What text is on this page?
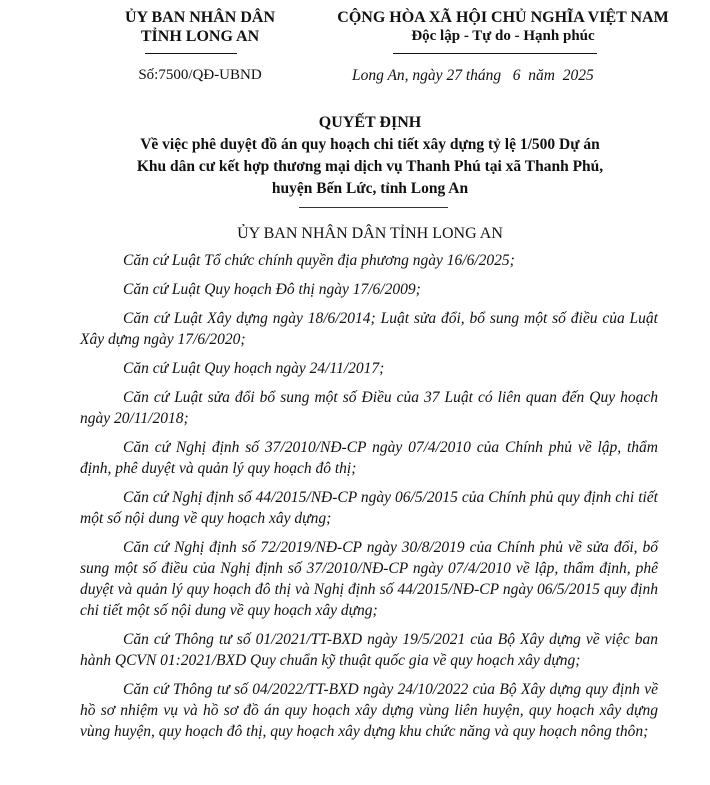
ỦY BAN NHÂN DÂN
TỈNH LONG AN
Số:7500/QĐ-UBND
CỘNG HÒA XÃ HỘI CHỦ NGHĨA VIỆT NAM
Độc lập - Tự do - Hạnh phúc
Long An, ngày 27 tháng   6  năm  2025
QUYẾT ĐỊNH
Về việc phê duyệt đồ án quy hoạch chi tiết xây dựng tỷ lệ 1/500 Dự án
Khu dân cư kết hợp thương mại dịch vụ Thanh Phú tại xã Thanh Phú,
huyện Bến Lức, tỉnh Long An
ỦY BAN NHÂN DÂN TỈNH LONG AN

Căn cứ Luật Tổ chức chính quyền địa phương ngày 16/6/2025;

Căn cứ Luật Quy hoạch Đô thị ngày 17/6/2009;

Căn cứ Luật Xây dựng ngày 18/6/2014; Luật sửa đổi, bổ sung một số điều của Luật Xây dựng ngày 17/6/2020;

Căn cứ Luật Quy hoạch ngày 24/11/2017;

Căn cứ Luật sửa đổi bổ sung một số Điều của 37 Luật có liên quan đến Quy hoạch ngày 20/11/2018;

Căn cứ Nghị định số 37/2010/NĐ-CP ngày 07/4/2010 của Chính phủ về lập, thẩm định, phê duyệt và quản lý quy hoạch đô thị;

Căn cứ Nghị định số 44/2015/NĐ-CP ngày 06/5/2015 của Chính phủ quy định chi tiết một số nội dung về quy hoạch xây dựng;

Căn cứ Nghị định số 72/2019/NĐ-CP ngày 30/8/2019 của Chính phủ về sửa đổi, bổ sung một số điều của Nghị định số 37/2010/NĐ-CP ngày 07/4/2010 về lập, thẩm định, phê duyệt và quản lý quy hoạch đô thị và Nghị định số 44/2015/NĐ-CP ngày 06/5/2015 quy định chi tiết một số nội dung về quy hoạch xây dựng;

Căn cứ Thông tư số 01/2021/TT-BXD ngày 19/5/2021 của Bộ Xây dựng về việc ban hành QCVN 01:2021/BXD Quy chuẩn kỹ thuật quốc gia về quy hoạch xây dựng;

Căn cứ Thông tư số 04/2022/TT-BXD ngày 24/10/2022 của Bộ Xây dựng quy định về hồ sơ nhiệm vụ và hồ sơ đồ án quy hoạch xây dựng vùng liên huyện, quy hoạch xây dựng vùng huyện, quy hoạch đô thị, quy hoạch xây dựng khu chức năng và quy hoạch nông thôn;
